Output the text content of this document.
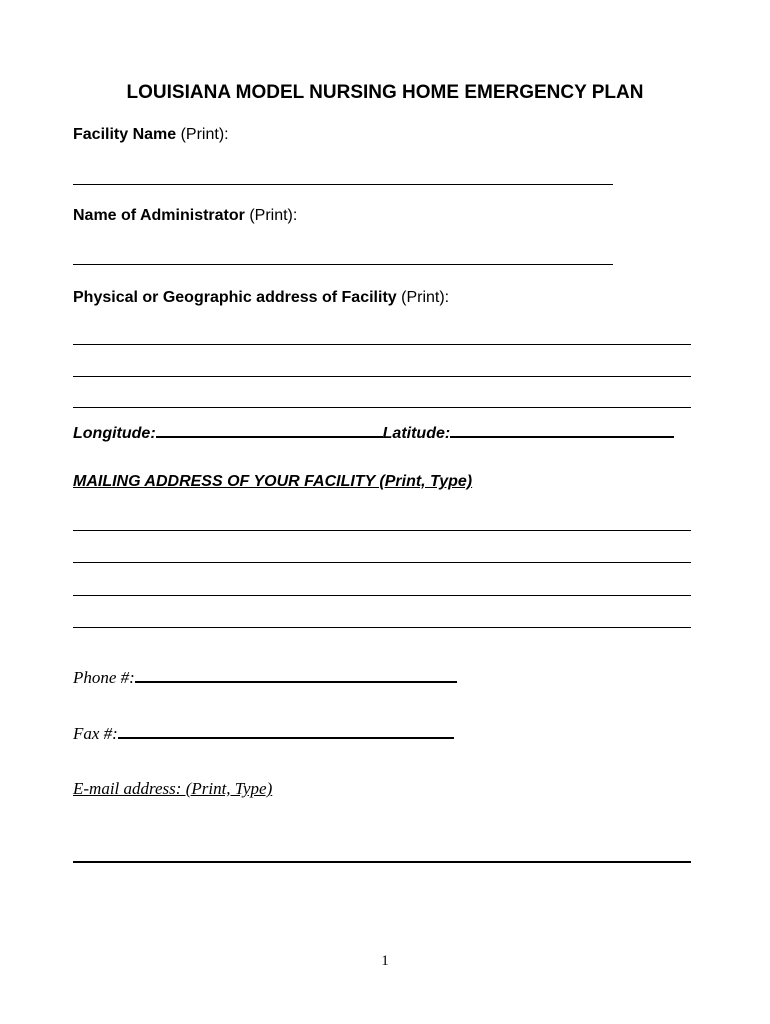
LOUISIANA MODEL NURSING HOME EMERGENCY PLAN
Facility Name (Print):
Name of Administrator (Print):
Physical or Geographic address of Facility (Print):
Longitude:	Latitude:
MAILING ADDRESS OF YOUR FACILITY (Print, Type)
Phone #:
Fax #:
E-mail address: (Print, Type)
1
